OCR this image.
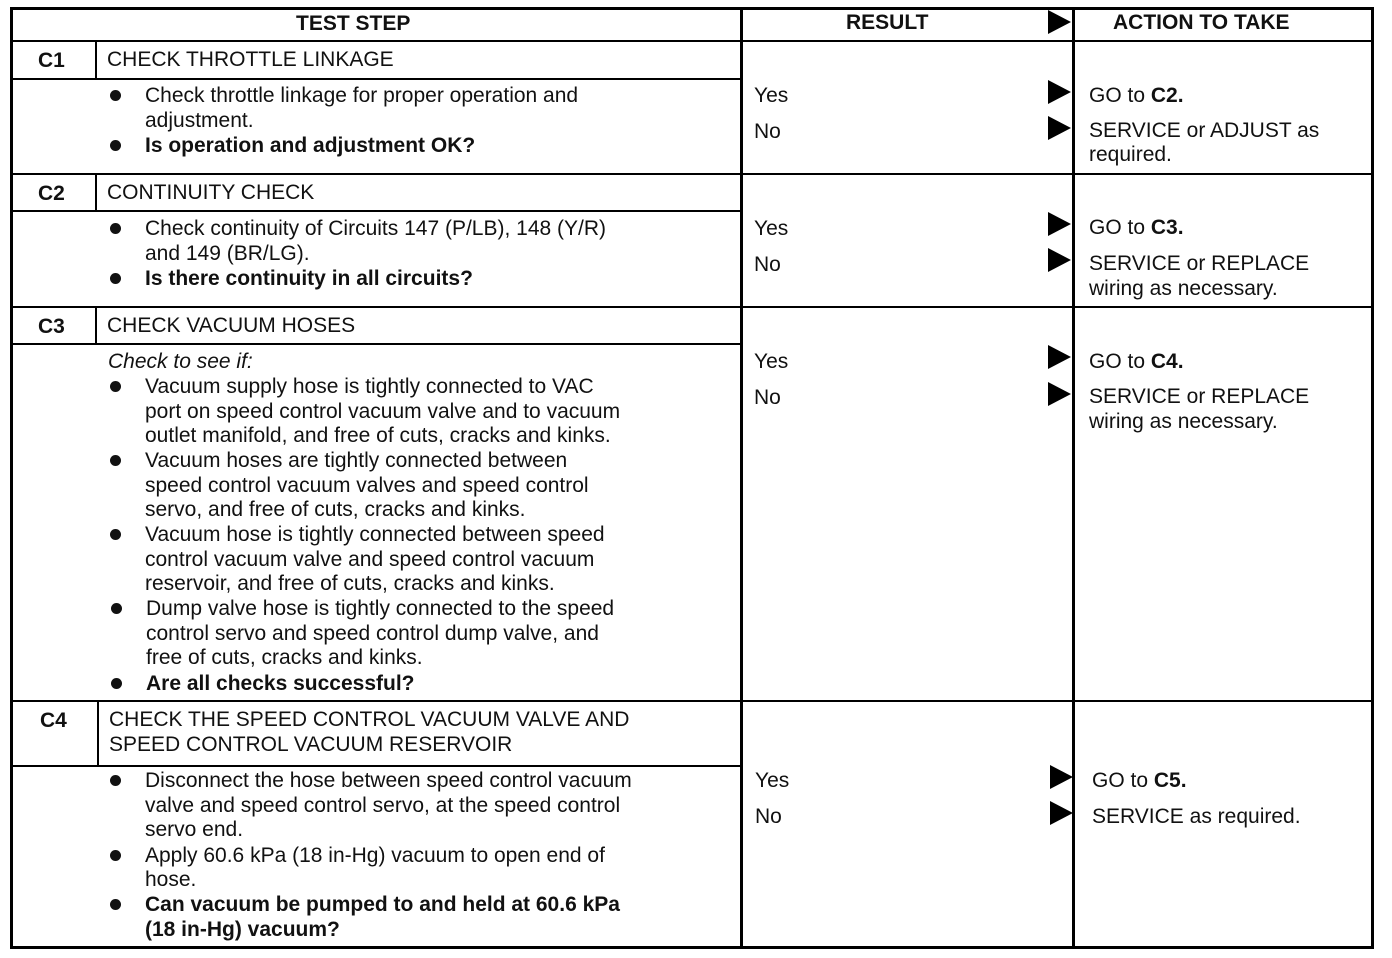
TEST STEP	RESULT	ACTION TO TAKE
C1 CHECK THROTTLE LINKAGE
Check throttle linkage for proper operation and
adjustment.
Is operation and adjustment OK?
Yes
No
GO to C2.
SERVICE or ADJUST as
required.
C2 CONTINUITY CHECK
Check continuity of Circuits 147 (P/LB), 148 (Y/R)
and 149 (BR/LG).
Is there continuity in all circuits?
Yes
No
GO to C3.
SERVICE or REPLACE
wiring as necessary.
C3 CHECK VACUUM HOSES
Check to see if:
Vacuum supply hose is tightly connected to VAC
port on speed control vacuum valve and to vacuum
outlet manifold, and free of cuts, cracks and kinks.
Vacuum hoses are tightly connected between
speed control vacuum valves and speed control
servo, and free of cuts, cracks and kinks.
Vacuum hose is tightly connected between speed
control vacuum valve and speed control vacuum
reservoir, and free of cuts, cracks and kinks.
Dump valve hose is tightly connected to the speed
control servo and speed control dump valve, and
free of cuts, cracks and kinks.
Are all checks successful?
Yes
No
GO to C4.
SERVICE or REPLACE
wiring as necessary.
C4 CHECK THE SPEED CONTROL VACUUM VALVE AND
SPEED CONTROL VACUUM RESERVOIR
Disconnect the hose between speed control vacuum
valve and speed control servo, at the speed control
servo end.
Apply 60.6 kPa (18 in-Hg) vacuum to open end of
hose.
Can vacuum be pumped to and held at 60.6 kPa
(18 in-Hg) vacuum?
Yes
No
GO to C5.
SERVICE as required.
